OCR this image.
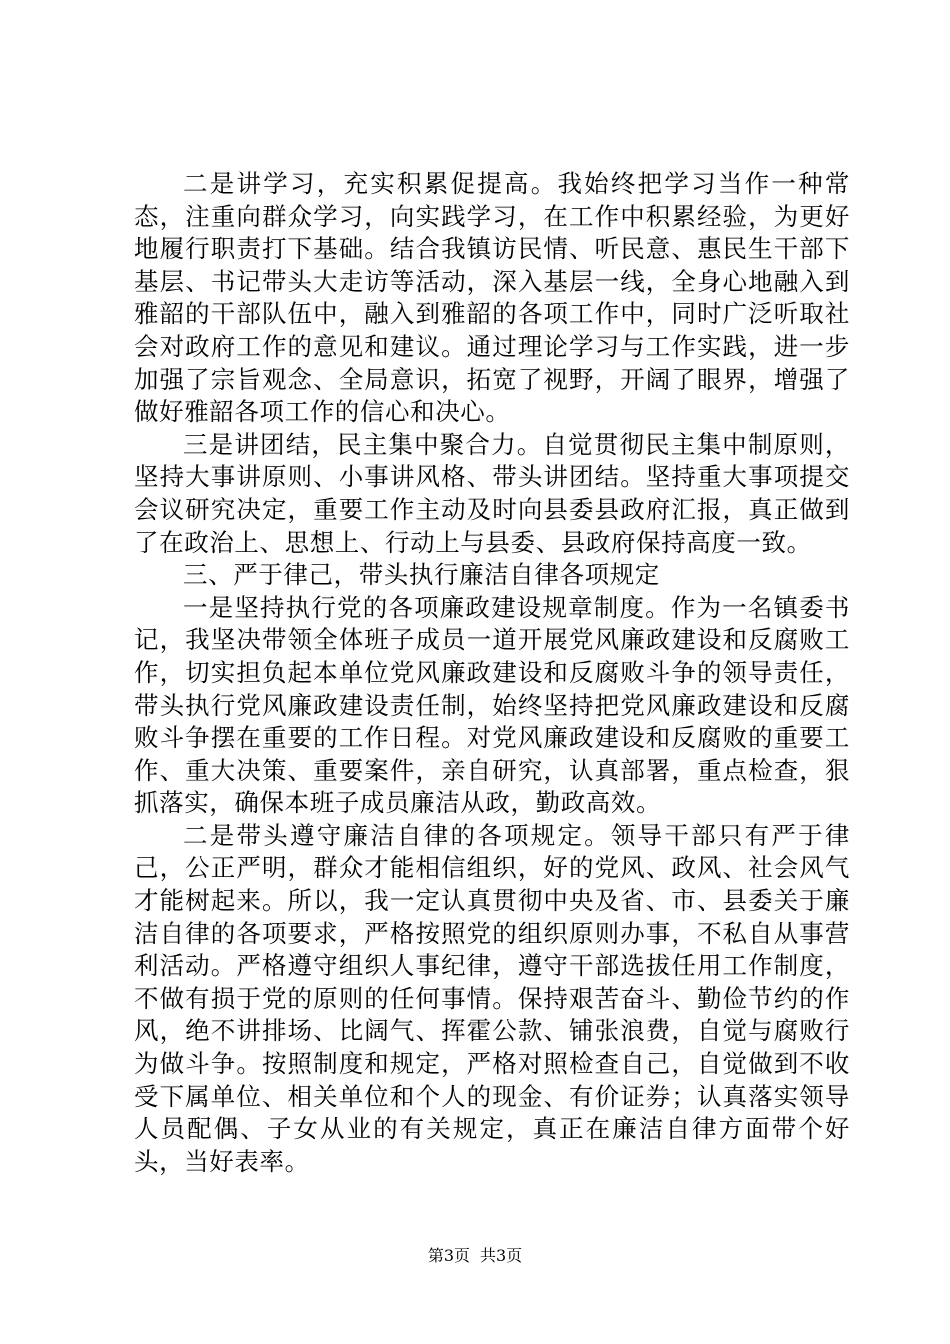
二是讲学习，充实积累促提高。我始终把学习当作一种常态，注重向群众学习，向实践学习，在工作中积累经验，为更好地履行职责打下基础。结合我镇访民情、听民意、惠民生干部下基层、书记带头大走访等活动，深入基层一线，全身心地融入到雅韶的干部队伍中，融入到雅韶的各项工作中，同时广泛听取社会对政府工作的意见和建议。通过理论学习与工作实践，进一步加强了宗旨观念、全局意识，拓宽了视野，开阔了眼界，增强了做好雅韶各项工作的信心和决心。

三是讲团结，民主集中聚合力。自觉贯彻民主集中制原则，坚持大事讲原则、小事讲风格、带头讲团结。坚持重大事项提交会议研究决定，重要工作主动及时向县委县政府汇报，真正做到了在政治上、思想上、行动上与县委、县政府保持高度一致。

三、严于律己，带头执行廉洁自律各项规定

一是坚持执行党的各项廉政建设规章制度。作为一名镇委书记，我坚决带领全体班子成员一道开展党风廉政建设和反腐败工作，切实担负起本单位党风廉政建设和反腐败斗争的领导责任，带头执行党风廉政建设责任制，始终坚持把党风廉政建设和反腐败斗争摆在重要的工作日程。对党风廉政建设和反腐败的重要工作、重大决策、重要案件，亲自研究，认真部署，重点检查，狠抓落实，确保本班子成员廉洁从政，勤政高效。

二是带头遵守廉洁自律的各项规定。领导干部只有严于律己，公正严明，群众才能相信组织，好的党风、政风、社会风气才能树起来。所以，我一定认真贯彻中央及省、市、县委关于廉洁自律的各项要求，严格按照党的组织原则办事，不私自从事营利活动。严格遵守组织人事纪律，遵守干部选拔任用工作制度，不做有损于党的原则的任何事情。保持艰苦奋斗、勤俭节约的作风，绝不讲排场、比阔气、挥霍公款、铺张浪费，自觉与腐败行为做斗争。按照制度和规定，严格对照检查自己，自觉做到不收受下属单位、相关单位和个人的现金、有价证券；认真落实领导人员配偶、子女从业的有关规定，真正在廉洁自律方面带个好头，当好表率。

第3页 共3页
